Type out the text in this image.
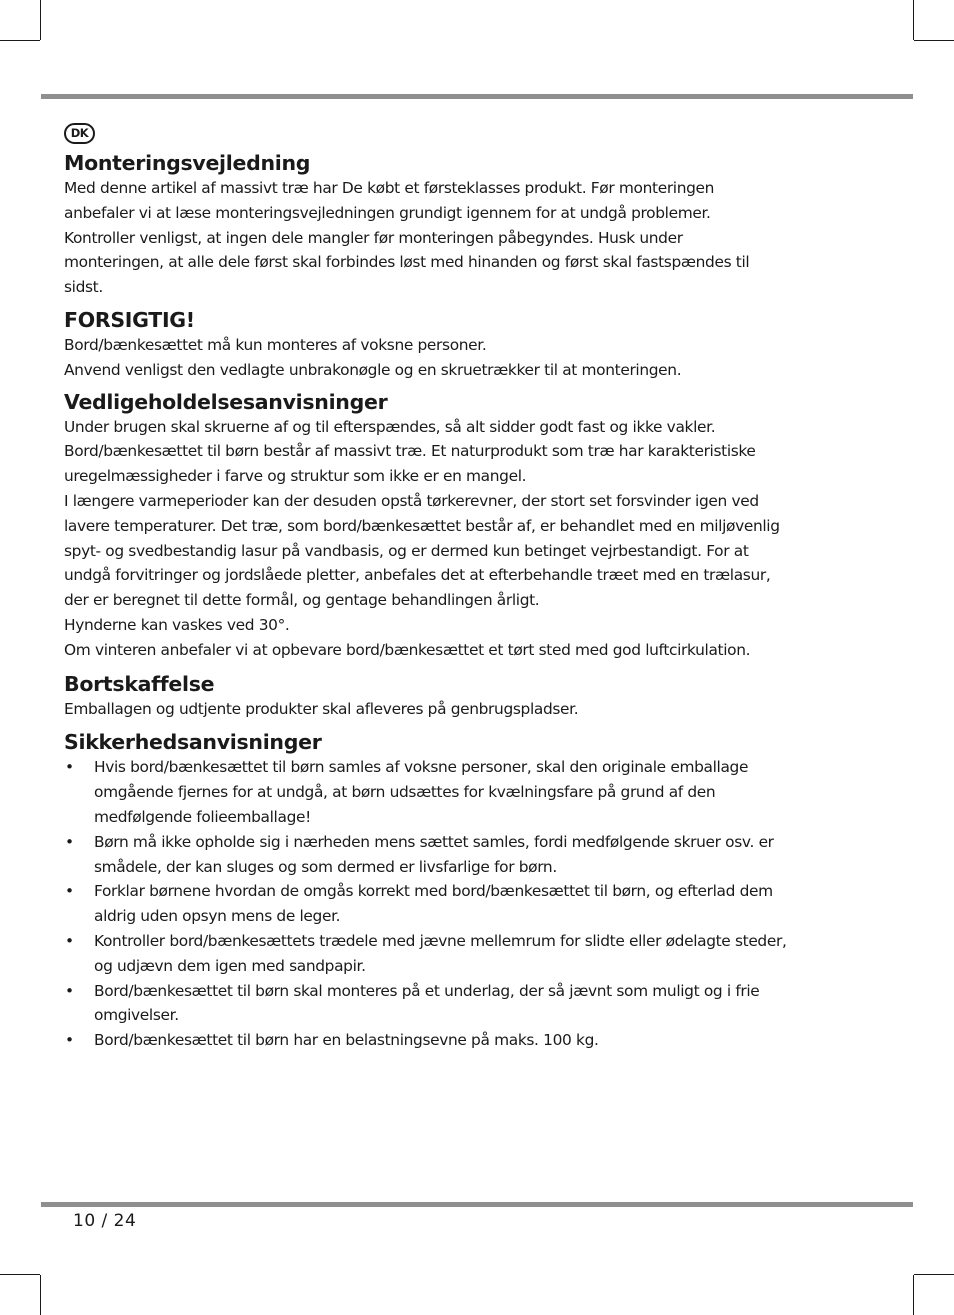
DK
Monteringsvejledning

Med denne artikel af massivt træ har De købt et førsteklasses produkt. Før monteringen

anbefaler vi at læse monteringsvejledningen grundigt igennem for at undgå problemer.

Kontroller venligst, at ingen dele mangler før monteringen påbegyndes. Husk under

monteringen, at alle dele først skal forbindes løst med hinanden og først skal fastspændes til

sidst.

FORSIGTIG!

Bord/bænkesættet må kun monteres af voksne personer.

Anvend venligst den vedlagte unbrakonøgle og en skruetrækker til at monteringen.

Vedligeholdelsesanvisninger

Under brugen skal skruerne af og til efterspændes, så alt sidder godt fast og ikke vakler.

Bord/bænkesættet til børn består af massivt træ. Et naturprodukt som træ har karakteristiske

uregelmæssigheder i farve og struktur som ikke er en mangel.

I længere varmeperioder kan der desuden opstå tørkerevner, der stort set forsvinder igen ved

lavere temperaturer. Det træ, som bord/bænkesættet består af, er behandlet med en miljøvenlig

spyt- og svedbestandig lasur på vandbasis, og er dermed kun betinget vejrbestandigt. For at

undgå forvitringer og jordslåede pletter, anbefales det at efterbehandle træet med en trælasur,

der er beregnet til dette formål, og gentage behandlingen årligt.

Hynderne kan vaskes ved 30°.

Om vinteren anbefaler vi at opbevare bord/bænkesættet et tørt sted med god luftcirkulation.

Bortskaffelse

Emballagen og udtjente produkter skal afleveres på genbrugspladser.

Sikkerhedsanvisninger
• Hvis bord/bænkesættet til børn samles af voksne personer, skal den originale emballage
omgående fjernes for at undgå, at børn udsættes for kvælningsfare på grund af den
medfølgende folieemballage!
• Børn må ikke opholde sig i nærheden mens sættet samles, fordi medfølgende skruer osv. er
smådele, der kan sluges og som dermed er livsfarlige for børn.
• Forklar børnene hvordan de omgås korrekt med bord/bænkesættet til børn, og efterlad dem
aldrig uden opsyn mens de leger.
• Kontroller bord/bænkesættets trædele med jævne mellemrum for slidte eller ødelagte steder,
og udjævn dem igen med sandpapir.
• Bord/bænkesættet til børn skal monteres på et underlag, der så jævnt som muligt og i frie
omgivelser.
• Bord/bænkesættet til børn har en belastningsevne på maks. 100 kg.
10 / 24
